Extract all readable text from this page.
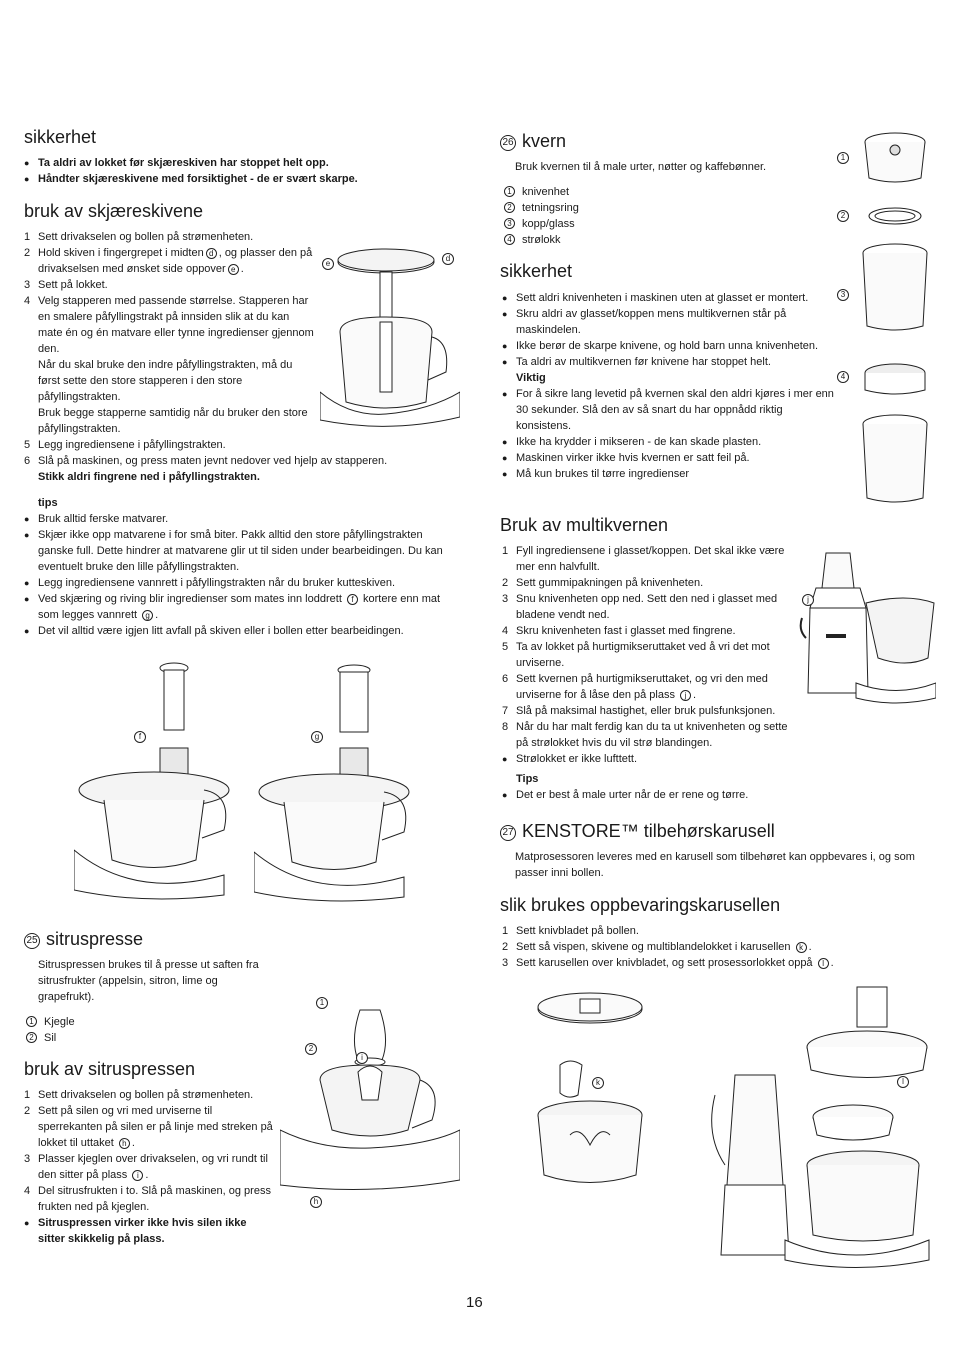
sikkerhet
● Ta aldri av lokket før skjæreskiven har stoppet helt opp.
● Håndter skjæreskivene med forsiktighet - de er svært skarpe.
bruk av skjæreskivene
1 Sett drivakselen og bollen på strømenheten.
2 Hold skiven i fingergrepet i midten d , og plasser den på drivakselsen med ønsket side oppover e .
3 Sett på lokket.
4 Velg stapperen med passende størrelse. Stapperen har en smalere påfyllingstrakt på innsiden slik at du kan mate én og én matvare eller tynne ingredienser gjennom den.
Når du skal bruke den indre påfyllingstrakten, må du først sette den store stapperen i den store påfyllingstrakten.
Bruk begge stapperne samtidig når du bruker den store påfyllingstrakten.
5 Legg ingrediensene i påfyllingstrakten.
6 Slå på maskinen, og press maten jevnt nedover ved hjelp av stapperen.
Stikk aldri fingrene ned i påfyllingstrakten.
tips
● Bruk alltid ferske matvarer.
● Skjær ikke opp matvarene i for små biter. Pakk alltid den store påfyllingstrakten ganske full. Dette hindrer at matvarene glir ut til siden under bearbeidingen. Du kan eventuelt bruke den lille påfyllingstrakten.
● Legg ingrediensene vannrett i påfyllingstrakten når du bruker kutteskiven.
● Ved skjæring og riving blir ingredienser som mates inn loddrett f kortere enn mat som legges vannrett g .
● Det vil alltid være igjen litt avfall på skiven eller i bollen etter bearbeidingen.
e
d
f	g
25 sitruspresse
Sitruspressen brukes til å presse ut saften fra sitrusfrukter (appelsin, sitron, lime og grapefrukt).
1 Kjegle
2 Sil
bruk av sitruspressen
1 Sett drivakselen og bollen på strømenheten.
2 Sett på silen og vri med urviserne til sperrekanten på silen er på linje med streken på lokket til uttaket h .
3 Plasser kjeglen over drivakselen, og vri rundt til den sitter på plass i .
4 Del sitrusfrukten i to. Slå på maskinen, og press frukten ned på kjeglen.
● Sitruspressen virker ikke hvis silen ikke sitter skikkelig på plass.
1
2
i
h
26 kvern
Bruk kvernen til å male urter, nøtter og kaffebønner.
1 knivenhet
2 tetningsring
3 kopp/glass
4 strølokk
sikkerhet
● Sett aldri knivenheten i maskinen uten at glasset er montert.
● Skru aldri av glasset/koppen mens multikvernen står på maskindelen.
● Ikke berør de skarpe knivene, og hold barn unna knivenheten.
● Ta aldri av multikvernen før knivene har stoppet helt.
Viktig
● For å sikre lang levetid på kvernen skal den aldri kjøres i mer enn 30 sekunder. Slå den av så snart du har oppnådd riktig konsistens.
● Ikke ha krydder i mikseren - de kan skade plasten.
● Maskinen virker ikke hvis kvernen er satt feil på.
● Må kun brukes til tørre ingredienser
1
2
3
4
Bruk av multikvernen
1 Fyll ingrediensene i glasset/koppen. Det skal ikke være mer enn halvfullt.
2 Sett gummipakningen på knivenheten.
3 Snu knivenheten opp ned. Sett den ned i glasset med bladene vendt ned.
4 Skru knivenheten fast i glasset med fingrene.
5 Ta av lokket på hurtigmikseruttaket ved å vri det mot urviserne.
6 Sett kvernen på hurtigmikseruttaket, og vri den med urviserne for å låse den på plass j .
7 Slå på maksimal hastighet, eller bruk pulsfunksjonen.
8 Når du har malt ferdig kan du ta ut knivenheten og sette på strølokket hvis du vil strø blandingen.
● Strølokket er ikke lufttett.
Tips
● Det er best å male urter når de er rene og tørre.
j
27 KENSTORE™ tilbehørskarusell
Matprosessoren leveres med en karusell som tilbehøret kan oppbevares i, og som passer inni bollen.
slik brukes oppbevaringskarusellen
1 Sett knivbladet på bollen.
2 Sett så vispen, skivene og multiblandelokket i karusellen k .
3 Sett karusellen over knivbladet, og sett prosessorlokket oppå l .
k	l
16
